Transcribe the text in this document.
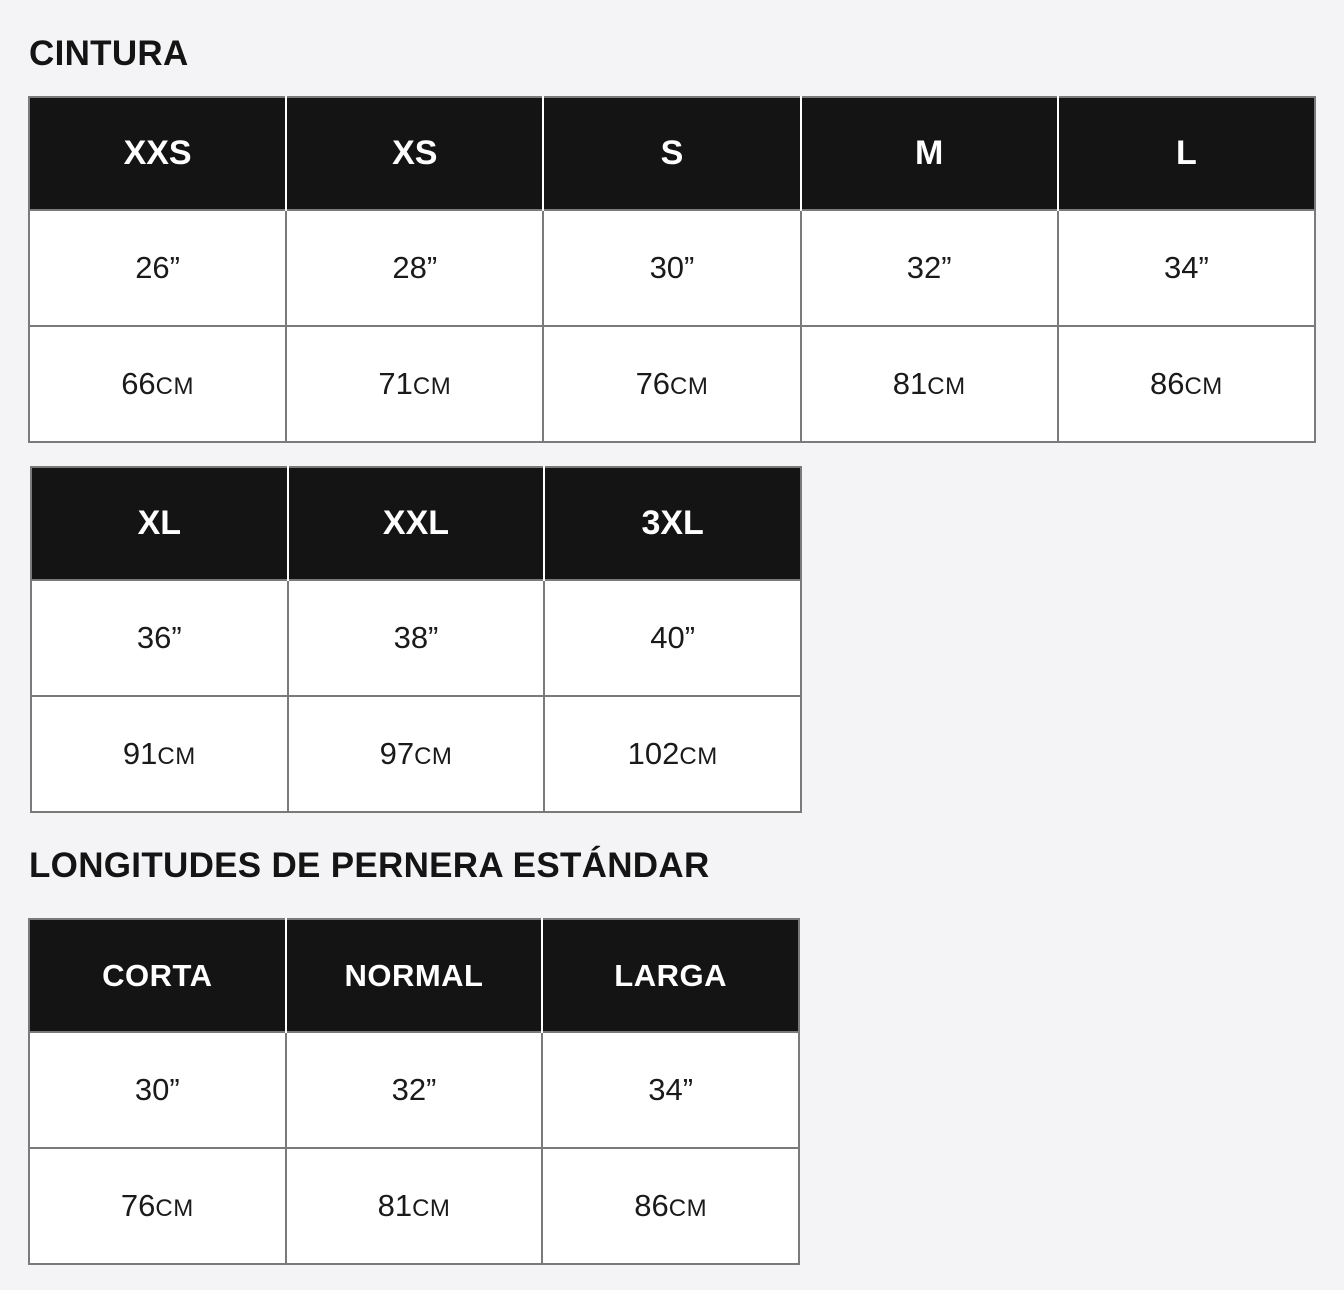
CINTURA
XXS	XS	S	M	L
26”	28”	30”	32”	34”
66CM	71CM	76CM	81CM	86CM
XL	XXL	3XL
36”	38”	40”
91CM	97CM	102CM
LONGITUDES DE PERNERA ESTÁNDAR
CORTA	NORMAL	LARGA
30”	32”	34”
76CM	81CM	86CM
